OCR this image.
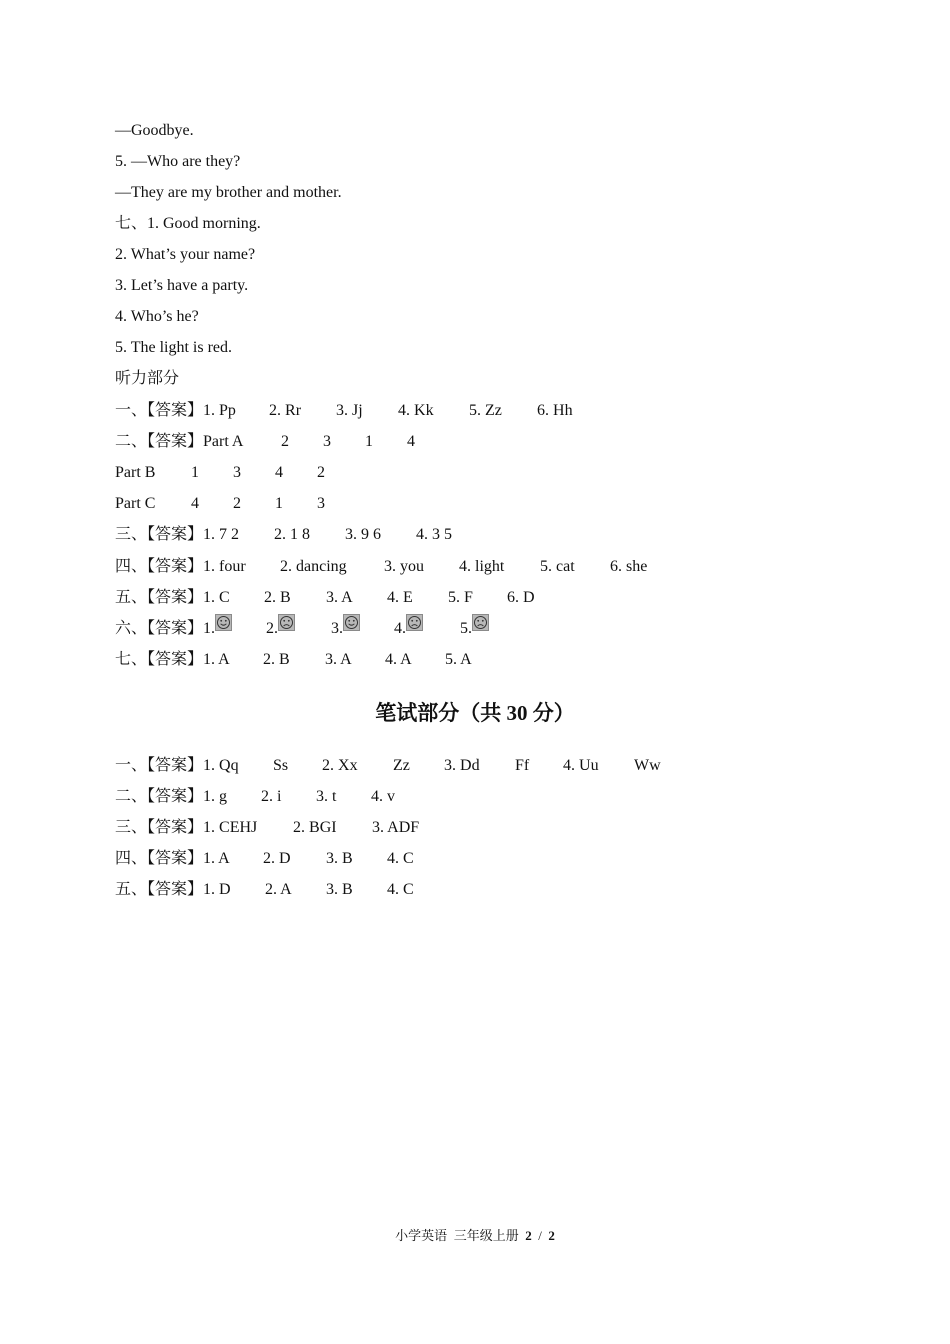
—Goodbye.
5. —Who are they?
—They are my brother and mother.
七、1. Good morning.
2. What’s your name?
3. Let’s have a party.
4. Who’s he?
5. The light is red.
听力部分
一、【答案】1. Pp 2. Rr 3. Jj 4. Kk 5. Zz 6. Hh
二、【答案】Part A 2 3 1 4
Part B 1 3 4 2
Part C 4 2 1 3
三、【答案】1. 7 2 2. 1 8 3. 9 6 4. 3 5
四、【答案】1. four 2. dancing 3. you 4. light 5. cat 6. she
五、【答案】1. C 2. B 3. A 4. E 5. F 6. D
六、【答案】1.	2.	3.	4.	5.
七、【答案】1. A 2. B 3. A 4. A 5. A
笔试部分（共 30 分）
一、【答案】1. Qq Ss 2. Xx Zz 3. Dd Ff 4. Uu Ww
二、【答案】1. g 2. i 3. t 4. v
三、【答案】1. CEHJ 2. BGI 3. ADF
四、【答案】1. A 2. D 3. B 4. C
五、【答案】1. D 2. A 3. B 4. C
小学英语 三年级上册 2 / 2
